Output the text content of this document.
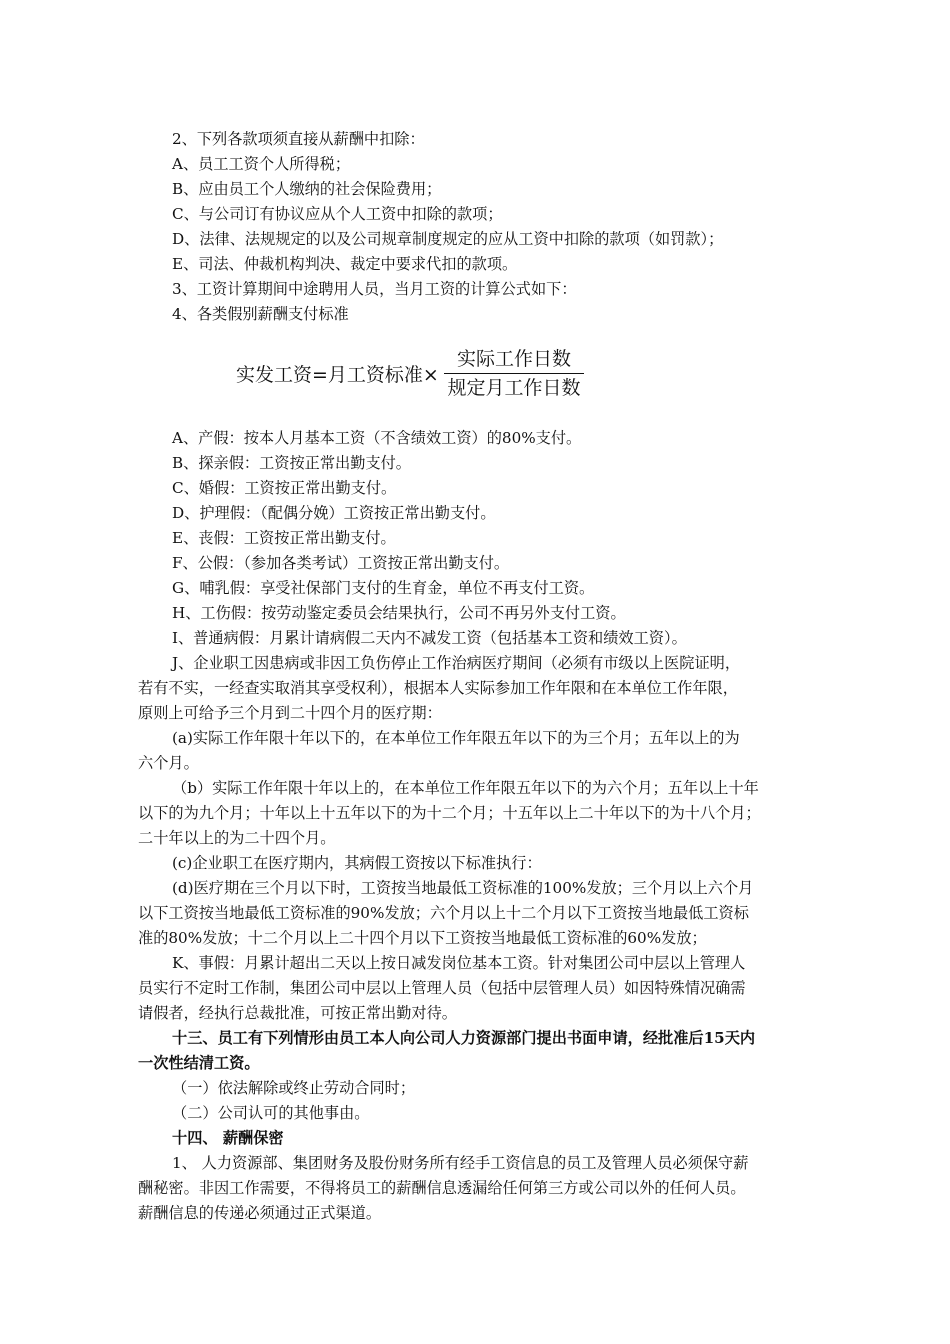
2、下列各款项须直接从薪酬中扣除：
A、员工工资个人所得税；
B、应由员工个人缴纳的社会保险费用；
C、与公司订有协议应从个人工资中扣除的款项；
D、法律、法规规定的以及公司规章制度规定的应从工资中扣除的款项（如罚款）；
E、司法、仲裁机构判决、裁定中要求代扣的款项。
3、工资计算期间中途聘用人员，当月工资的计算公式如下：
4、各类假别薪酬支付标准
实发工资=月工资标准×
实际工作日数
规定月工作日数
A、产假：按本人月基本工资（不含绩效工资）的80%支付。
B、探亲假：工资按正常出勤支付。
C、婚假：工资按正常出勤支付。
D、护理假：（配偶分娩）工资按正常出勤支付。
E、丧假：工资按正常出勤支付。
F、公假：（参加各类考试）工资按正常出勤支付。
G、哺乳假：享受社保部门支付的生育金，单位不再支付工资。
H、工伤假：按劳动鉴定委员会结果执行，公司不再另外支付工资。
I、普通病假：月累计请病假二天内不减发工资（包括基本工资和绩效工资）。
J、企业职工因患病或非因工负伤停止工作治病医疗期间（必须有市级以上医院证明，
若有不实，一经查实取消其享受权利），根据本人实际参加工作年限和在本单位工作年限，
原则上可给予三个月到二十四个月的医疗期：
(a)实际工作年限十年以下的，在本单位工作年限五年以下的为三个月；五年以上的为
六个月。
（b）实际工作年限十年以上的，在本单位工作年限五年以下的为六个月；五年以上十年
以下的为九个月；十年以上十五年以下的为十二个月；十五年以上二十年以下的为十八个月；
二十年以上的为二十四个月。
(c)企业职工在医疗期内，其病假工资按以下标准执行：
(d)医疗期在三个月以下时，工资按当地最低工资标准的100%发放；三个月以上六个月
以下工资按当地最低工资标准的90%发放；六个月以上十二个月以下工资按当地最低工资标
准的80%发放；十二个月以上二十四个月以下工资按当地最低工资标准的60%发放；
K、事假：月累计超出二天以上按日减发岗位基本工资。针对集团公司中层以上管理人
员实行不定时工作制，集团公司中层以上管理人员（包括中层管理人员）如因特殊情况确需
请假者，经执行总裁批准，可按正常出勤对待。
十三、员工有下列情形由员工本人向公司人力资源部门提出书面申请，经批准后15天内
一次性结清工资。
（一）依法解除或终止劳动合同时；
（二）公司认可的其他事由。
十四、 薪酬保密
1、 人力资源部、集团财务及股份财务所有经手工资信息的员工及管理人员必须保守薪
酬秘密。非因工作需要，不得将员工的薪酬信息透漏给任何第三方或公司以外的任何人员。
薪酬信息的传递必须通过正式渠道。
